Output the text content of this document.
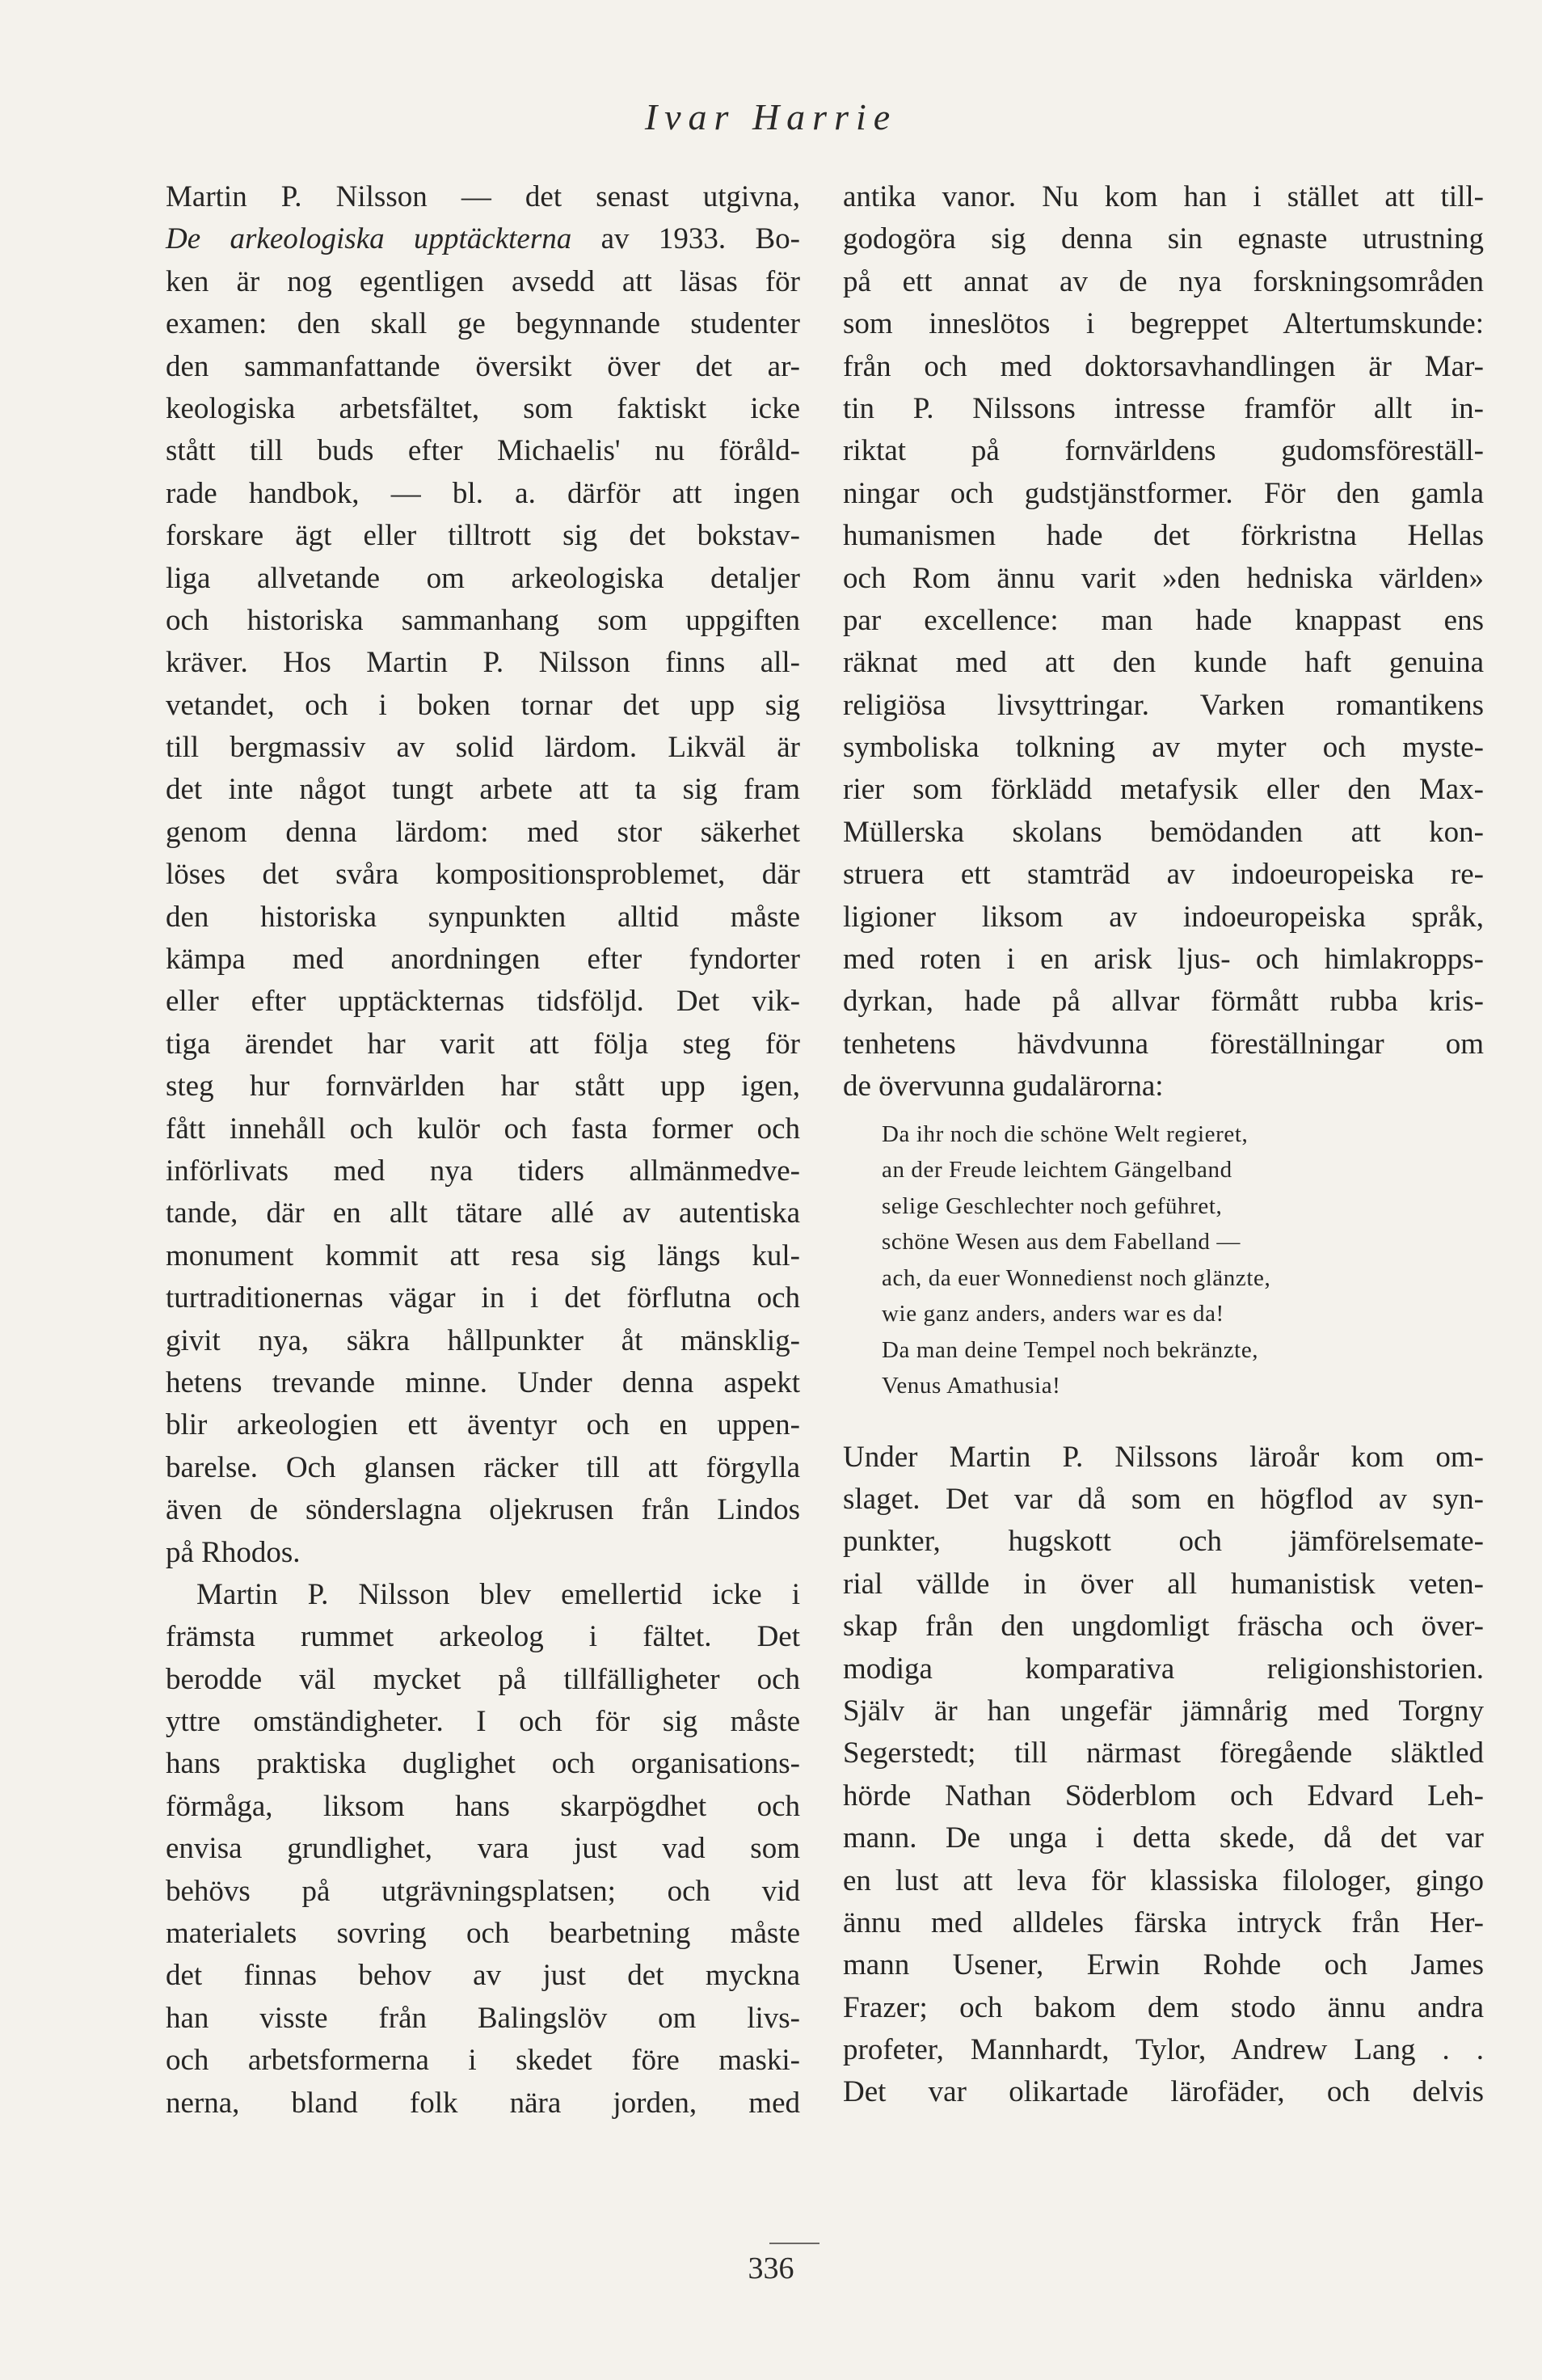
Ivar Harrie
Martin P. Nilsson — det senast utgivna,
De arkeologiska upptäckterna av 1933. Bo-
ken är nog egentligen avsedd att läsas för
examen: den skall ge begynnande studenter
den sammanfattande översikt över det ar-
keologiska arbetsfältet, som faktiskt icke
stått till buds efter Michaelis' nu föråld-
rade handbok, — bl. a. därför att ingen
forskare ägt eller tilltrott sig det bokstav-
liga allvetande om arkeologiska detaljer
och historiska sammanhang som uppgiften
kräver. Hos Martin P. Nilsson finns all-
vetandet, och i boken tornar det upp sig
till bergmassiv av solid lärdom. Likväl är
det inte något tungt arbete att ta sig fram
genom denna lärdom: med stor säkerhet
löses det svåra kompositionsproblemet, där
den historiska synpunkten alltid måste
kämpa med anordningen efter fyndorter
eller efter upptäckternas tidsföljd. Det vik-
tiga ärendet har varit att följa steg för
steg hur fornvärlden har stått upp igen,
fått innehåll och kulör och fasta former och
införlivats med nya tiders allmänmedve-
tande, där en allt tätare allé av autentiska
monument kommit att resa sig längs kul-
turtraditionernas vägar in i det förflutna och
givit nya, säkra hållpunkter åt mänsklig-
hetens trevande minne. Under denna aspekt
blir arkeologien ett äventyr och en uppen-
barelse. Och glansen räcker till att förgylla
även de sönderslagna oljekrusen från Lindos
på Rhodos.
Martin P. Nilsson blev emellertid icke i
främsta rummet arkeolog i fältet. Det
berodde väl mycket på tillfälligheter och
yttre omständigheter. I och för sig måste
hans praktiska duglighet och organisations-
förmåga, liksom hans skarpögdhet och
envisa grundlighet, vara just vad som
behövs på utgrävningsplatsen; och vid
materialets sovring och bearbetning måste
det finnas behov av just det myckna
han visste från Balingslöv om livs-
och arbetsformerna i skedet före maski-
nerna, bland folk nära jorden, med
antika vanor. Nu kom han i stället att till-
godogöra sig denna sin egnaste utrustning
på ett annat av de nya forskningsområden
som inneslötos i begreppet Altertumskunde:
från och med doktorsavhandlingen är Mar-
tin P. Nilssons intresse framför allt in-
riktat på fornvärldens gudomsföreställ-
ningar och gudstjänstformer. För den gamla
humanismen hade det förkristna Hellas
och Rom ännu varit »den hedniska världen»
par excellence: man hade knappast ens
räknat med att den kunde haft genuina
religiösa livsyttringar. Varken romantikens
symboliska tolkning av myter och myste-
rier som förklädd metafysik eller den Max-
Müllerska skolans bemödanden att kon-
struera ett stamträd av indoeuropeiska re-
ligioner liksom av indoeuropeiska språk,
med roten i en arisk ljus- och himlakropps-
dyrkan, hade på allvar förmått rubba kris-
tenhetens hävdvunna föreställningar om
de övervunna gudalärorna:
Da ihr noch die schöne Welt regieret,
an der Freude leichtem Gängelband
selige Geschlechter noch geführet,
schöne Wesen aus dem Fabelland —
ach, da euer Wonnedienst noch glänzte,
wie ganz anders, anders war es da!
Da man deine Tempel noch bekränzte,
Venus Amathusia!
Under Martin P. Nilssons läroår kom om-
slaget. Det var då som en högflod av syn-
punkter, hugskott och jämförelsemate-
rial vällde in över all humanistisk veten-
skap från den ungdomligt fräscha och över-
modiga komparativa religionshistorien.
Själv är han ungefär jämnårig med Torgny
Segerstedt; till närmast föregående släktled
hörde Nathan Söderblom och Edvard Leh-
mann. De unga i detta skede, då det var
en lust att leva för klassiska filologer, gingo
ännu med alldeles färska intryck från Her-
mann Usener, Erwin Rohde och James
Frazer; och bakom dem stodo ännu andra
profeter, Mannhardt, Tylor, Andrew Lang . .
Det var olikartade lärofäder, och delvis
336
